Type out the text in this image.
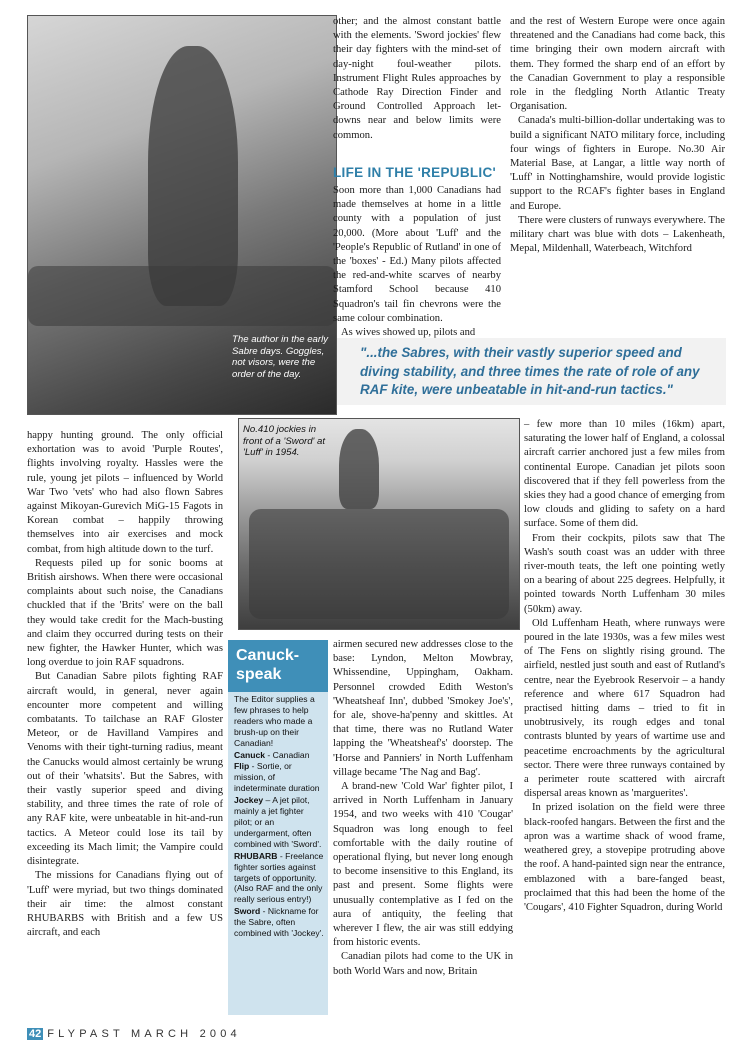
The author in the early Sabre days. Goggles, not visors, were the order of the day.

other; and the almost constant battle with the elements. 'Sword jockies' flew their day fighters with the mind-set of day-night foul-weather pilots. Instrument Flight Rules approaches by Cathode Ray Direction Finder and Ground Controlled Approach let-downs near and below limits were common.

LIFE IN THE 'REPUBLIC'

Soon more than 1,000 Canadians had made themselves at home in a little county with a population of just 20,000. (More about 'Luff' and the 'People's Republic of Rutland' in one of the 'boxes' - Ed.) Many pilots affected the red-and-white scarves of nearby Stamford School because 410 Squadron's tail fin chevrons were the same colour combination.

As wives showed up, pilots and

and the rest of Western Europe were once again threatened and the Canadians had come back, this time bringing their own modern aircraft with them. They formed the sharp end of an effort by the Canadian Government to play a responsible role in the fledgling North Atlantic Treaty Organisation.

Canada's multi-billion-dollar undertaking was to build a significant NATO military force, including four wings of fighters in Europe. No.30 Air Material Base, at Langar, a little way north of 'Luff' in Nottinghamshire, would provide logistic support to the RCAF's fighter bases in England and Europe.

There were clusters of runways everywhere. The military chart was blue with dots – Lakenheath, Mepal, Mildenhall, Waterbeach, Witchford

"...the Sabres, with their vastly superior speed and diving stability, and three times the rate of role of any RAF kite, were unbeatable in hit-and-run tactics."

happy hunting ground. The only official exhortation was to avoid 'Purple Routes', flights involving royalty. Hassles were the rule, young jet pilots – influenced by World War Two 'vets' who had also flown Sabres against Mikoyan-Gurevich MiG-15 Fagots in Korean combat – happily throwing themselves into air exercises and mock combat, from high altitude down to the turf.

Requests piled up for sonic booms at British airshows. When there were occasional complaints about such noise, the Canadians chuckled that if the 'Brits' were on the ball they would take credit for the Mach-busting and claim they occurred during tests on their new fighter, the Hawker Hunter, which was long overdue to join RAF squadrons.

But Canadian Sabre pilots fighting RAF aircraft would, in general, never again encounter more competent and willing combatants. To tailchase an RAF Gloster Meteor, or de Havilland Vampires and Venoms with their tight-turning radius, meant the Canucks would almost certainly be wrung out of their 'whatsits'. But the Sabres, with their vastly superior speed and diving stability, and three times the rate of role of any RAF kite, were unbeatable in hit-and-run tactics. A Meteor could lose its tail by exceeding its Mach limit; the Vampire could disintegrate.

The missions for Canadians flying out of 'Luff' were myriad, but two things dominated their air time: the almost constant RHUBARBS with British and a few US aircraft, and each

No.410 jockies in front of a 'Sword' at 'Luff' in 1954.
Canuck-speak

The Editor supplies a few phrases to help readers who made a brush-up on their Canadian!

Canuck - Canadian

Flip - Sortie, or mission, of indeterminate duration

Jockey – A jet pilot, mainly a jet fighter pilot; or an undergarment, often combined with 'Sword'.

RHUBARB - Freelance fighter sorties against targets of opportunity. (Also RAF and the only really serious entry!)

Sword - Nickname for the Sabre, often combined with 'Jockey'.

airmen secured new addresses close to the base: Lyndon, Melton Mowbray, Whissendine, Uppingham, Oakham. Personnel crowded Edith Weston's 'Wheatsheaf Inn', dubbed 'Smokey Joe's', for ale, shove-ha'penny and skittles. At that time, there was no Rutland Water lapping the 'Wheatsheaf's' doorstep. The 'Horse and Panniers' in North Luffenham village became 'The Nag and Bag'.

A brand-new 'Cold War' fighter pilot, I arrived in North Luffenham in January 1954, and two weeks with 410 'Cougar' Squadron was long enough to feel comfortable with the daily routine of operational flying, but never long enough to become insensitive to this England, its past and present. Some flights were unusually contemplative as I fed on the aura of antiquity, the feeling that wherever I flew, the air was still eddying from historic events.

Canadian pilots had come to the UK in both World Wars and now, Britain

– few more than 10 miles (16km) apart, saturating the lower half of England, a colossal aircraft carrier anchored just a few miles from continental Europe. Canadian jet pilots soon discovered that if they fell powerless from the skies they had a good chance of emerging from low clouds and gliding to safety on a hard surface. Some of them did.

From their cockpits, pilots saw that The Wash's south coast was an udder with three river-mouth teats, the left one pointing wetly on a bearing of about 225 degrees. Helpfully, it pointed towards North Luffenham 30 miles (50km) away.

Old Luffenham Heath, where runways were poured in the late 1930s, was a few miles west of The Fens on slightly rising ground. The airfield, nestled just south and east of Rutland's centre, near the Eyebrook Reservoir – a handy reference and where 617 Squadron had practised hitting dams – tried to fit in unobtrusively, its rough edges and tonal contrasts blunted by years of wartime use and peacetime encroachments by the agricultural sector. There were three runways contained by a perimeter route scattered with aircraft dispersal areas known as 'marguerites'.

In prized isolation on the field were three black-roofed hangars. Between the first and the apron was a wartime shack of wood frame, weathered grey, a stovepipe protruding above the roof. A hand-painted sign near the entrance, emblazoned with a bare-fanged beast, proclaimed that this had been the home of the 'Cougars', 410 Fighter Squadron, during World

42 FLYPAST MARCH 2004
